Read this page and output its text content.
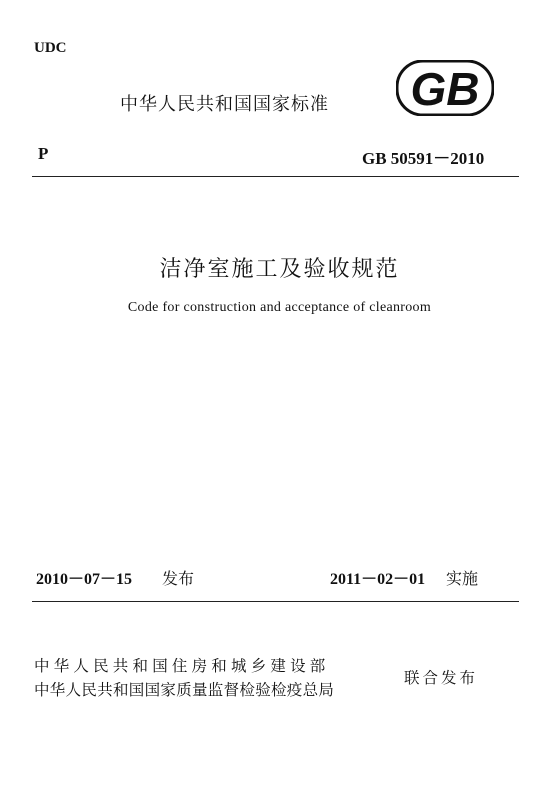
UDC
中华人民共和国国家标准 GB
P	GB 50591－2010
洁净室施工及验收规范
Code for construction and acceptance of cleanroom
2010－07－15 发布	2011－02－01 实施
中华人民共和国住房和城乡建设部
中华人民共和国国家质量监督检验检疫总局
联合发布
